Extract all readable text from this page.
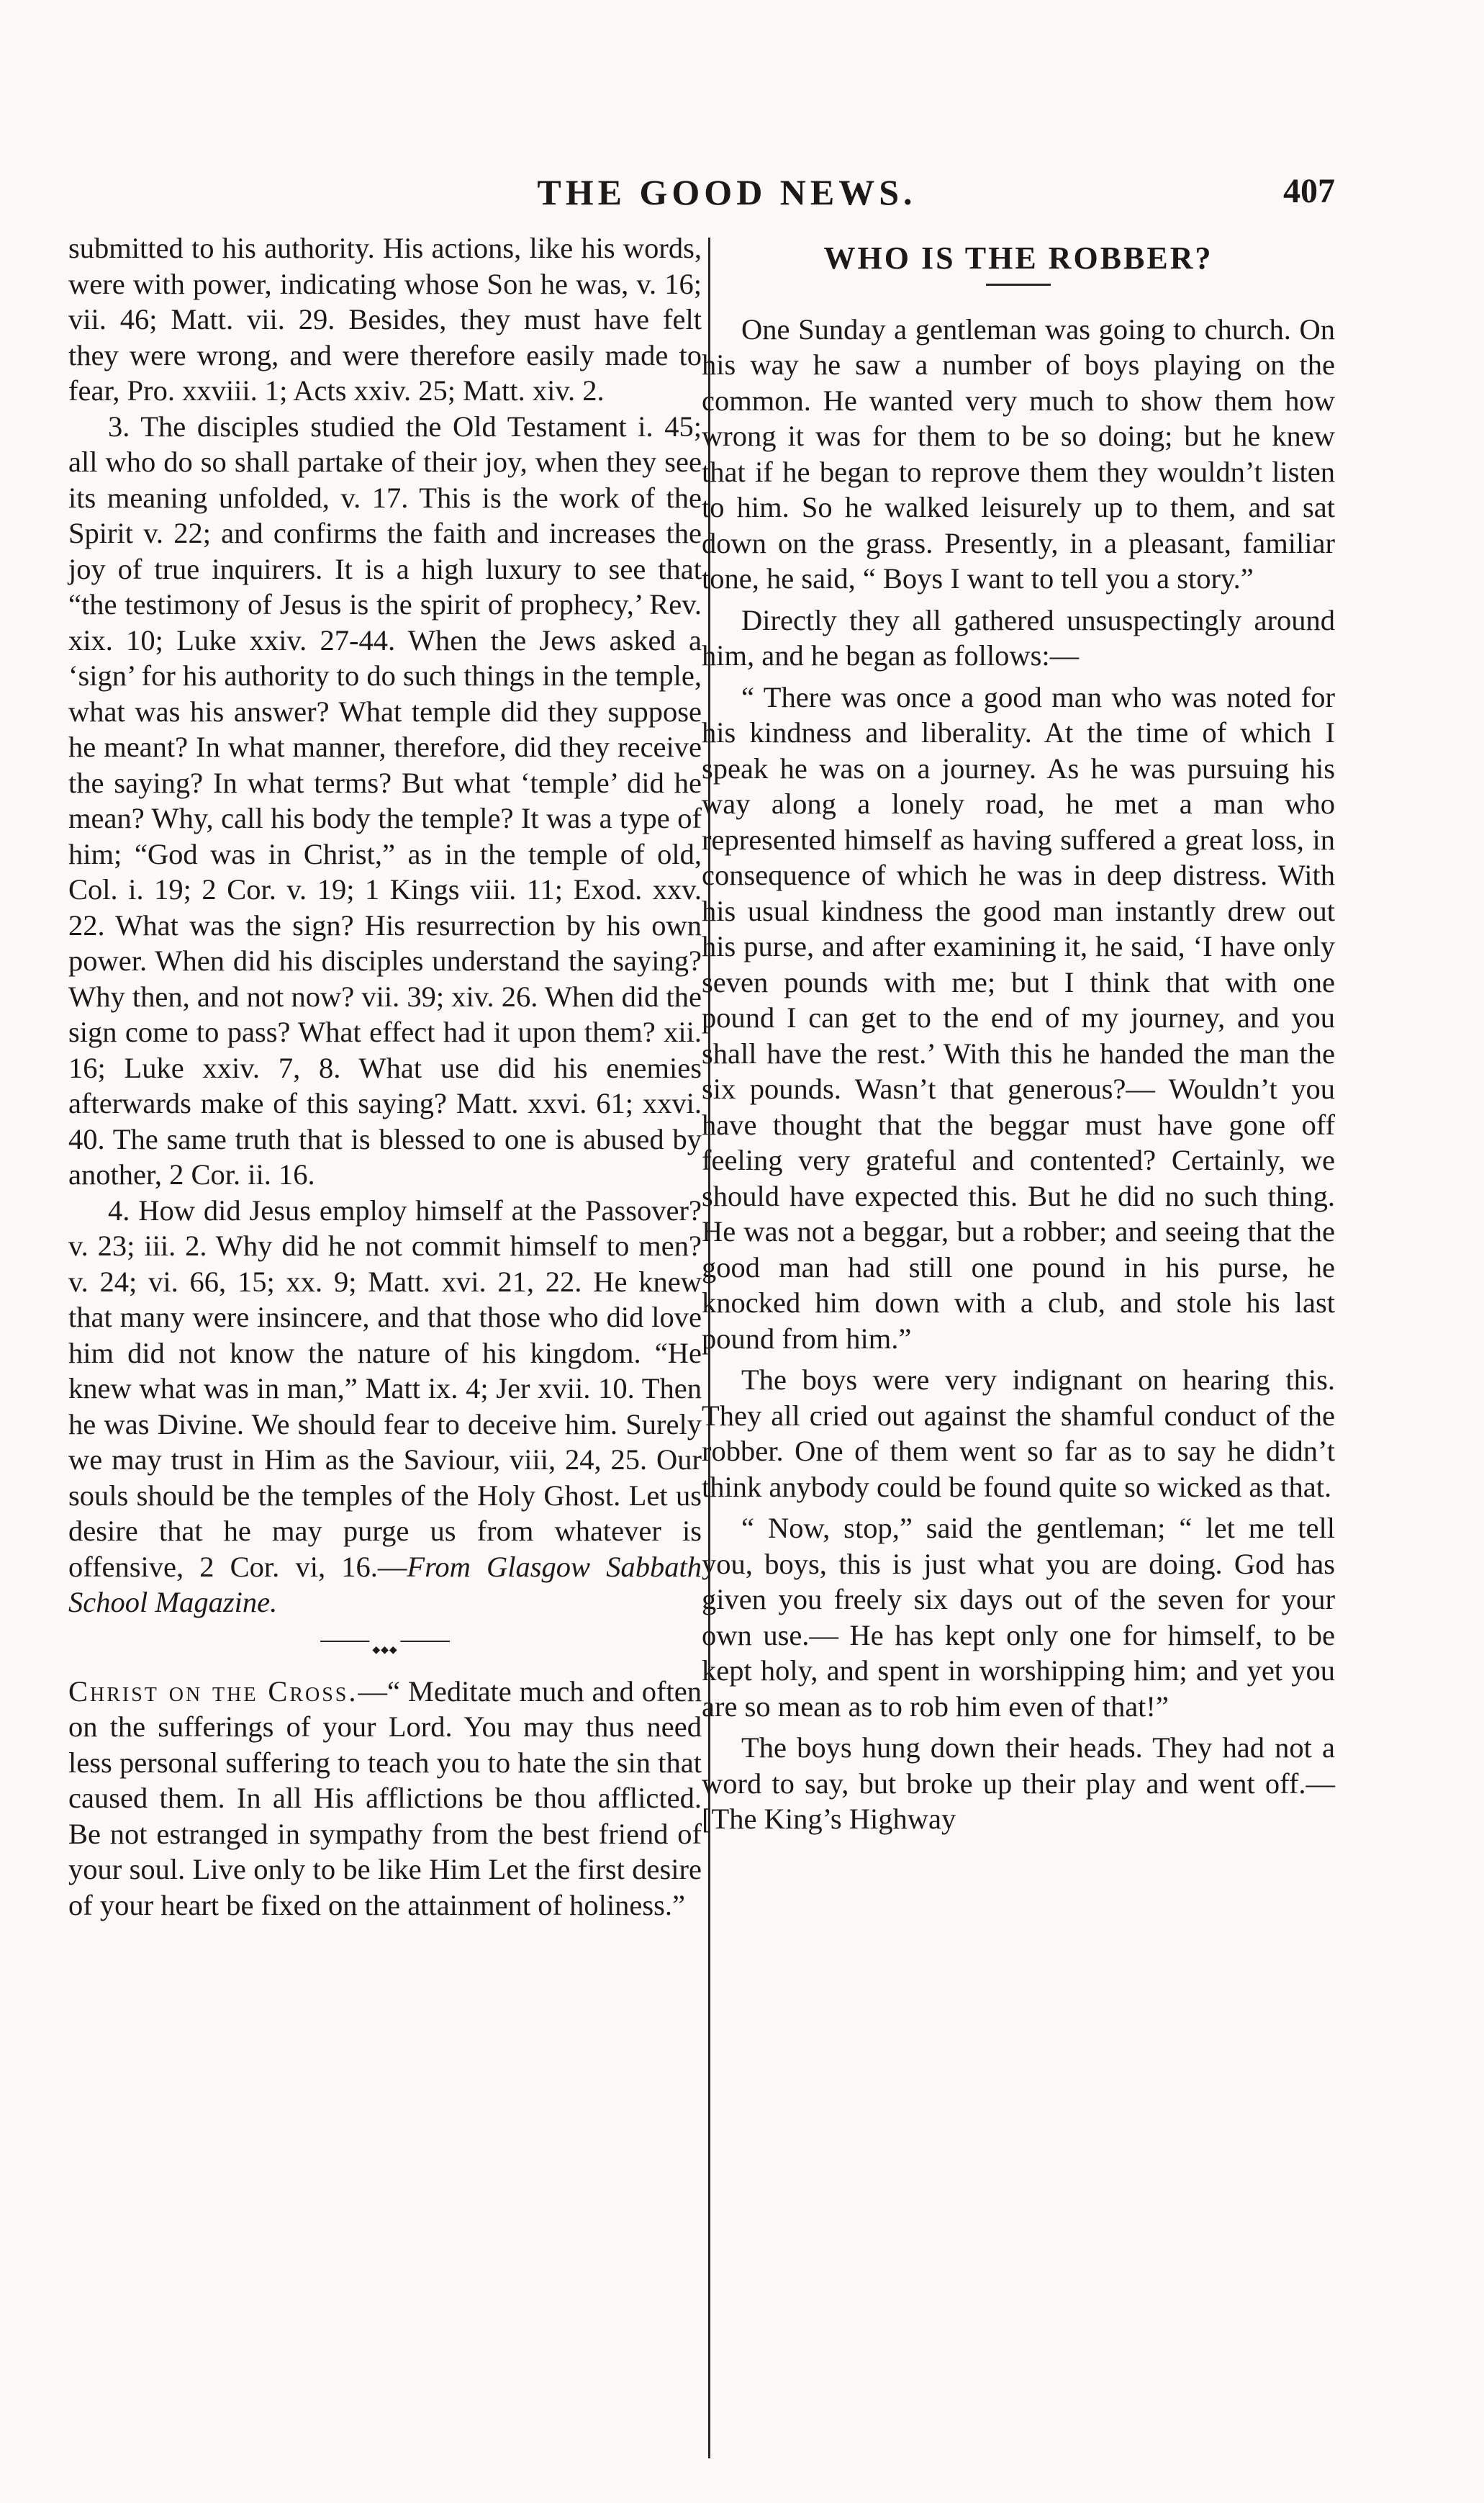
THE GOOD NEWS.	407

submitted to his authority. His actions, like his words, were with power, indicating whose Son he was, v. 16; vii. 46; Matt. vii. 29. Besides, they must have felt they were wrong, and were therefore easily made to fear, Pro. xxviii. 1; Acts xxiv. 25; Matt. xiv. 2.

3. The disciples studied the Old Testament i. 45; all who do so shall partake of their joy, when they see its meaning unfolded, v. 17. This is the work of the Spirit v. 22; and confirms the faith and increases the joy of true inquirers. It is a high luxury to see that “the testimony of Jesus is the spirit of prophecy,’ Rev. xix. 10; Luke xxiv. 27-44. When the Jews asked a ‘sign’ for his authority to do such things in the temple, what was his answer? What temple did they suppose he meant? In what manner, therefore, did they receive the saying? In what terms? But what ‘temple’ did he mean? Why, call his body the temple? It was a type of him; “God was in Christ,” as in the temple of old, Col. i. 19; 2 Cor. v. 19; 1 Kings viii. 11; Exod. xxv. 22. What was the sign? His resurrection by his own power. When did his disciples understand the saying? Why then, and not now? vii. 39; xiv. 26. When did the sign come to pass? What effect had it upon them? xii. 16; Luke xxiv. 7, 8. What use did his enemies afterwards make of this saying? Matt. xxvi. 61; xxvi. 40. The same truth that is blessed to one is abused by another, 2 Cor. ii. 16.

4. How did Jesus employ himself at the Passover? v. 23; iii. 2. Why did he not commit himself to men? v. 24; vi. 66, 15; xx. 9; Matt. xvi. 21, 22. He knew that many were insincere, and that those who did love him did not know the nature of his kingdom. “He knew what was in man,” Matt ix. 4; Jer xvii. 10. Then he was Divine. We should fear to deceive him. Surely we may trust in Him as the Saviour, viii, 24, 25. Our souls should be the temples of the Holy Ghost. Let us desire that he may purge us from whatever is offensive, 2 Cor. vi, 16.—From Glasgow Sabbath School Magazine.

◆◆◆

Christ on the Cross.—“ Meditate much and often on the sufferings of your Lord. You may thus need less personal suffering to teach you to hate the sin that caused them. In all His afflictions be thou afflicted. Be not estranged in sympathy from the best friend of your soul. Live only to be like Him Let the first desire of your heart be fixed on the attainment of holiness.”

WHO IS THE ROBBER?

One Sunday a gentleman was going to church. On his way he saw a number of boys playing on the common. He wanted very much to show them how wrong it was for them to be so doing; but he knew that if he began to reprove them they wouldn’t listen to him. So he walked leisurely up to them, and sat down on the grass. Presently, in a pleasant, familiar tone, he said, “ Boys I want to tell you a story.”

Directly they all gathered unsuspectingly around him, and he began as follows:—

“ There was once a good man who was noted for his kindness and liberality. At the time of which I speak he was on a journey. As he was pursuing his way along a lonely road, he met a man who represented himself as having suffered a great loss, in consequence of which he was in deep distress. With his usual kindness the good man instantly drew out his purse, and after examining it, he said, ‘I have only seven pounds with me; but I think that with one pound I can get to the end of my journey, and you shall have the rest.’ With this he handed the man the six pounds. Wasn’t that generous?— Wouldn’t you have thought that the beggar must have gone off feeling very grateful and contented? Certainly, we should have expected this. But he did no such thing. He was not a beggar, but a robber; and seeing that the good man had still one pound in his purse, he knocked him down with a club, and stole his last pound from him.”

The boys were very indignant on hearing this. They all cried out against the shamful conduct of the robber. One of them went so far as to say he didn’t think anybody could be found quite so wicked as that.

“ Now, stop,” said the gentleman; “ let me tell you, boys, this is just what you are doing. God has given you freely six days out of the seven for your own use.— He has kept only one for himself, to be kept holy, and spent in worshipping him; and yet you are so mean as to rob him even of that!”

The boys hung down their heads. They had not a word to say, but broke up their play and went off.—[The King’s Highway
